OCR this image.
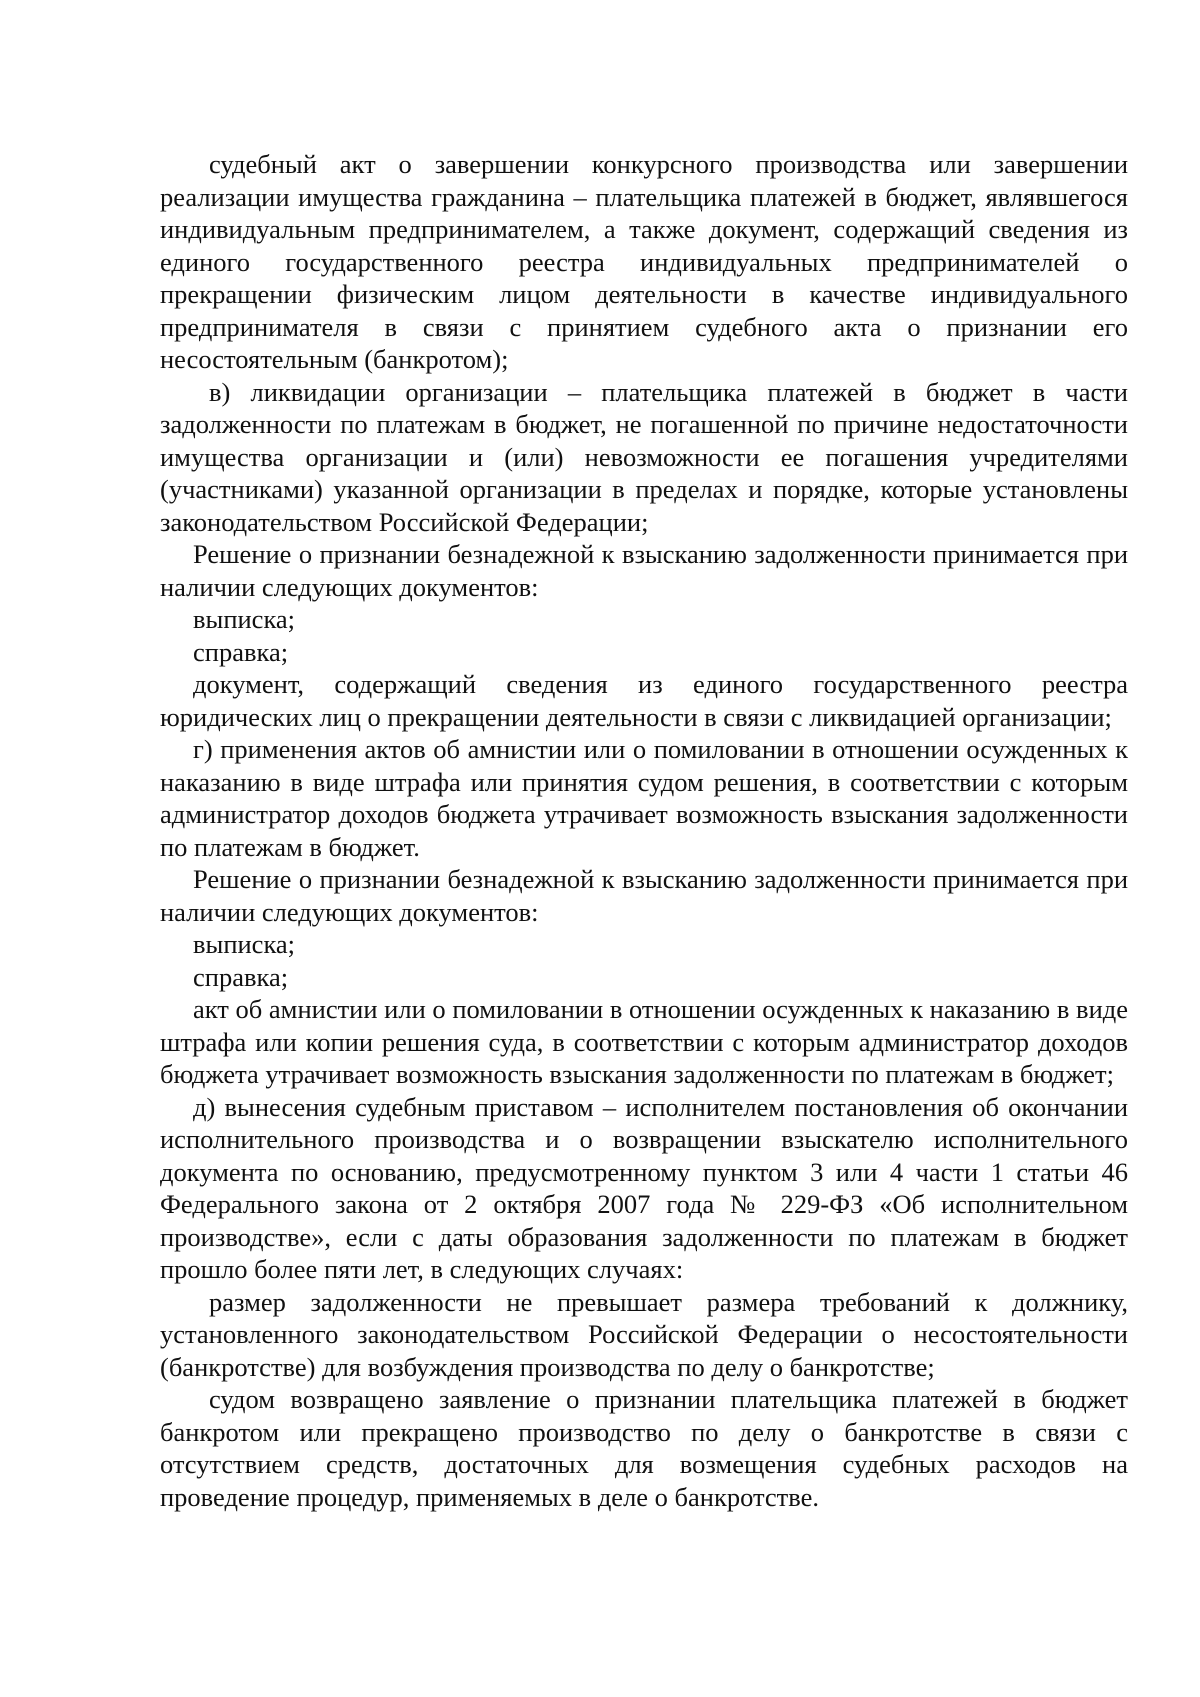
судебный акт о завершении конкурсного производства или завершении реализации имущества гражданина – плательщика платежей в бюджет, являвшегося индивидуальным предпринимателем, а также документ, содержащий сведения из единого государственного реестра индивидуальных предпринимателей о прекращении физическим лицом деятельности в качестве индивидуального предпринимателя в связи с принятием судебного акта о признании его несостоятельным (банкротом);

в) ликвидации организации – плательщика платежей в бюджет в части задолженности по платежам в бюджет, не погашенной по причине недостаточности имущества организации и (или) невозможности ее погашения учредителями (участниками) указанной организации в пределах и порядке, которые установлены законодательством Российской Федерации;

Решение о признании безнадежной к взысканию задолженности принимается при наличии следующих документов:

выписка;

справка;

документ, содержащий сведения из единого государственного реестра юридических лиц о прекращении деятельности в связи с ликвидацией организации;

г) применения актов об амнистии или о помиловании в отношении осужденных к наказанию в виде штрафа или принятия судом решения, в соответствии с которым администратор доходов бюджета утрачивает возможность взыскания задолженности по платежам в бюджет.

Решение о признании безнадежной к взысканию задолженности принимается при наличии следующих документов:

выписка;

справка;

акт об амнистии или о помиловании в отношении осужденных к наказанию в виде штрафа или копии решения суда, в соответствии с которым администратор доходов бюджета утрачивает возможность взыскания задолженности по платежам в бюджет;

д) вынесения судебным приставом – исполнителем постановления об окончании исполнительного производства и о возвращении взыскателю исполнительного документа по основанию, предусмотренному пунктом 3 или 4 части 1 статьи 46 Федерального закона от 2 октября 2007 года № 229-ФЗ «Об исполнительном производстве», если с даты образования задолженности по платежам в бюджет прошло более пяти лет, в следующих случаях:

размер задолженности не превышает размера требований к должнику, установленного законодательством Российской Федерации о несостоятельности (банкротстве) для возбуждения производства по делу о банкротстве;

судом возвращено заявление о признании плательщика платежей в бюджет банкротом или прекращено производство по делу о банкротстве в связи с отсутствием средств, достаточных для возмещения судебных расходов на проведение процедур, применяемых в деле о банкротстве.
